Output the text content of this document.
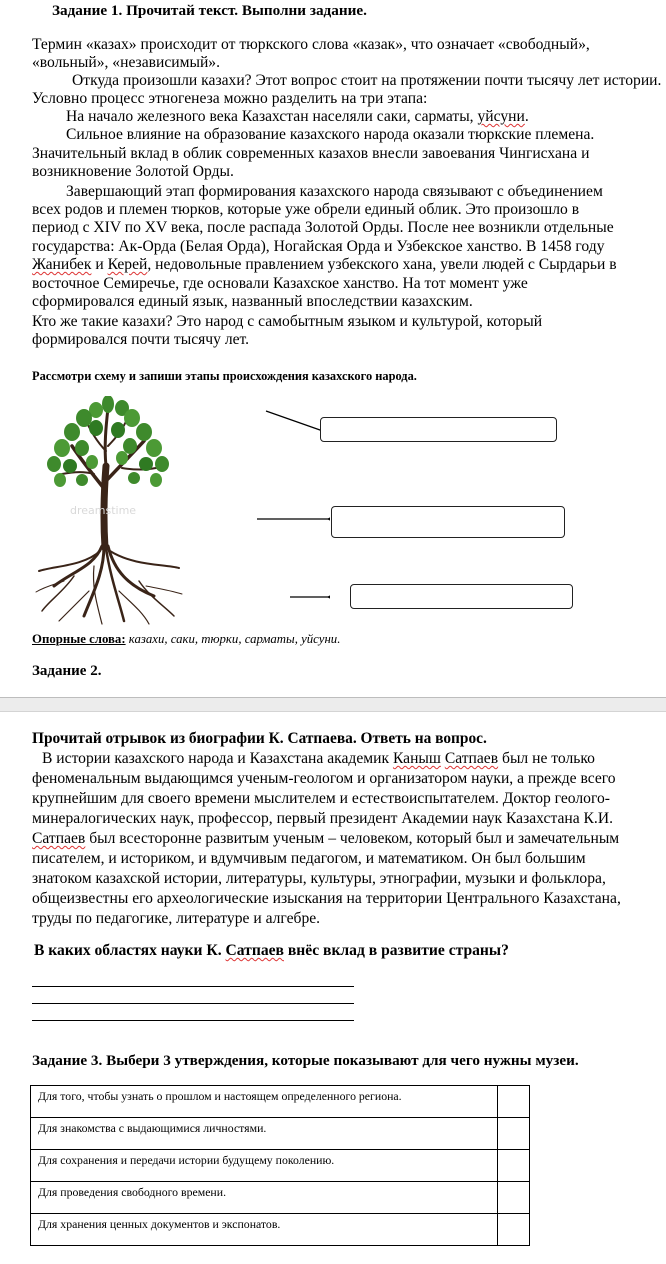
Задание 1. Прочитай текст. Выполни задание.
Термин «казах» происходит от тюркского слова «казак», что означает «свободный»,
«вольный», «независимый».
Откуда произошли казахи? Этот вопрос стоит на протяжении почти тысячу лет истории.
Условно процесс этногенеза можно разделить на три этапа:
На начало железного века Казахстан населяли саки, сарматы, уйсуни.
Сильное влияние на образование казахского народа оказали тюркские племена.
Значительный вклад в облик современных казахов внесли завоевания Чингисхана и
возникновение Золотой Орды.
Завершающий этап формирования казахского народа связывают с объединением
всех родов и племен тюрков, которые уже обрели единый облик. Это произошло в
период с XIV по XV века, после распада Золотой Орды. После нее возникли отдельные
государства: Ак-Орда (Белая Орда), Ногайская Орда и Узбекское ханство. В 1458 году
Жанибек и Керей, недовольные правлением узбекского хана, увели людей с Сырдарьи в
восточное Семиречье, где основали Казахское ханство. На тот момент уже
сформировался единый язык, названный впоследствии казахским.
Кто же такие казахи? Это народ с самобытным языком и культурой, который
формировался почти тысячу лет.
Рассмотри схему и запиши этапы происхождения казахского народа.
dreamstime
Опорные слова: казахи, саки, тюрки, сарматы, уйсуни.
Задание 2.
Прочитай отрывок из биографии К. Сатпаева. Ответь на вопрос.
В истории казахского народа и Казахстана академик Каныш Сатпаев был не только
феноменальным выдающимся ученым-геологом и организатором науки, а прежде всего
крупнейшим для своего времени мыслителем и естествоиспытателем. Доктор геолого-
минералогических наук, профессор, первый президент Академии наук Казахстана К.И.
Сатпаев был всесторонне развитым ученым – человеком, который был и замечательным
писателем, и историком, и вдумчивым педагогом, и математиком. Он был большим
знатоком казахской истории, литературы, культуры, этнографии, музыки и фольклора,
общеизвестны его археологические изыскания на территории Центрального Казахстана,
труды по педагогике, литературе и алгебре.
В каких областях науки К. Сатпаев внёс вклад в развитие страны?
Задание 3. Выбери 3 утверждения, которые показывают для чего нужны музеи.
Для того, чтобы узнать о прошлом и настоящем определенного региона.	
Для знакомства с выдающимися личностями.	
Для сохранения и передачи истории будущему поколению.	
Для проведения свободного времени.	
Для хранения ценных документов и экспонатов.	
